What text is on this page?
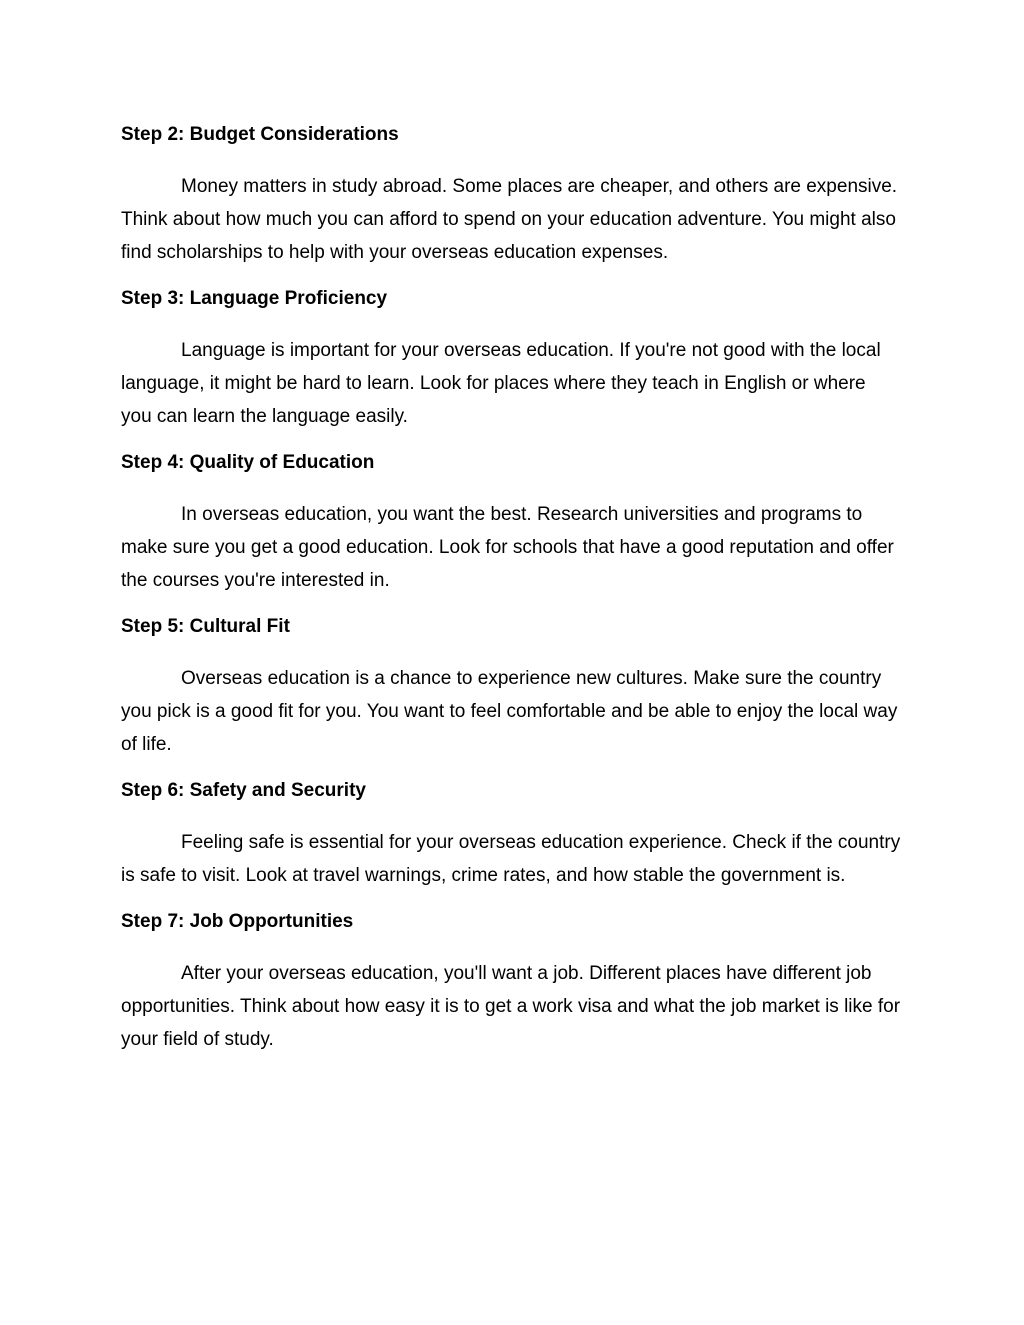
Step 2: Budget Considerations

Money matters in study abroad. Some places are cheaper, and others are expensive. Think about how much you can afford to spend on your education adventure. You might also find scholarships to help with your overseas education expenses.

Step 3: Language Proficiency

Language is important for your overseas education. If you're not good with the local language, it might be hard to learn. Look for places where they teach in English or where you can learn the language easily.

Step 4: Quality of Education

In overseas education, you want the best. Research universities and programs to make sure you get a good education. Look for schools that have a good reputation and offer the courses you're interested in.

Step 5: Cultural Fit

Overseas education is a chance to experience new cultures. Make sure the country you pick is a good fit for you. You want to feel comfortable and be able to enjoy the local way of life.

Step 6: Safety and Security

Feeling safe is essential for your overseas education experience. Check if the country is safe to visit. Look at travel warnings, crime rates, and how stable the government is.

Step 7: Job Opportunities

After your overseas education, you'll want a job. Different places have different job opportunities. Think about how easy it is to get a work visa and what the job market is like for your field of study.
